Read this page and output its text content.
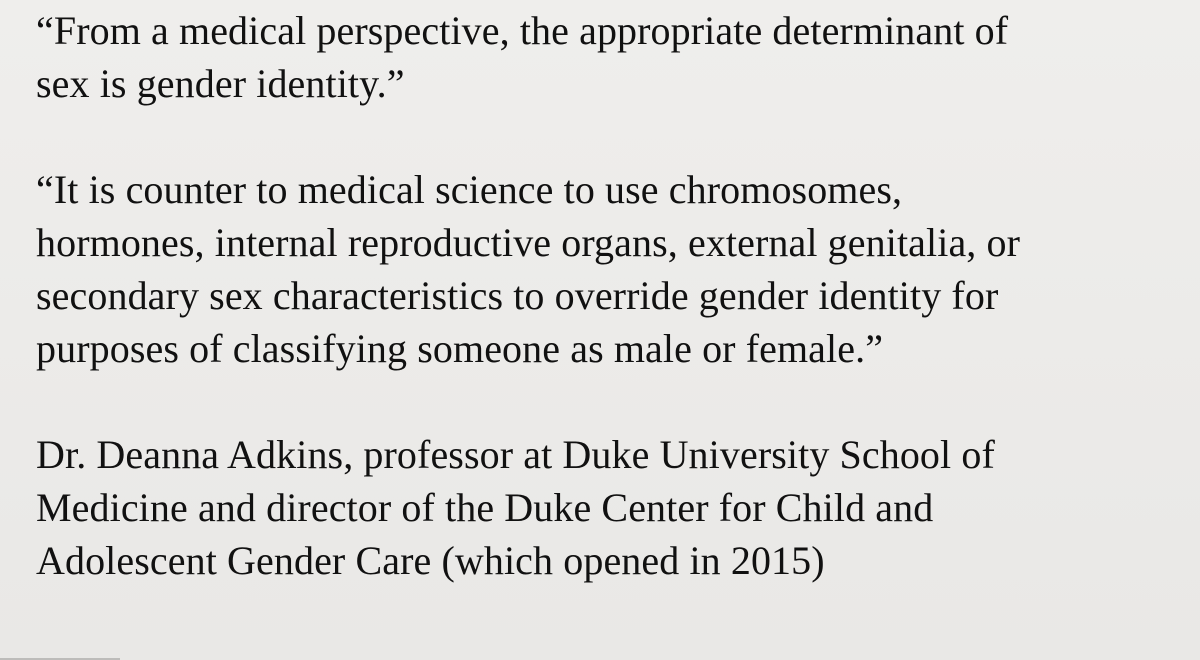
“From a medical perspective, the appropriate determinant of
sex is gender identity.”
“It is counter to medical science to use chromosomes,
hormones, internal reproductive organs, external genitalia, or
secondary sex characteristics to override gender identity for
purposes of classifying someone as male or female.”
Dr. Deanna Adkins, professor at Duke University School of
Medicine and director of the Duke Center for Child and
Adolescent Gender Care (which opened in 2015)
